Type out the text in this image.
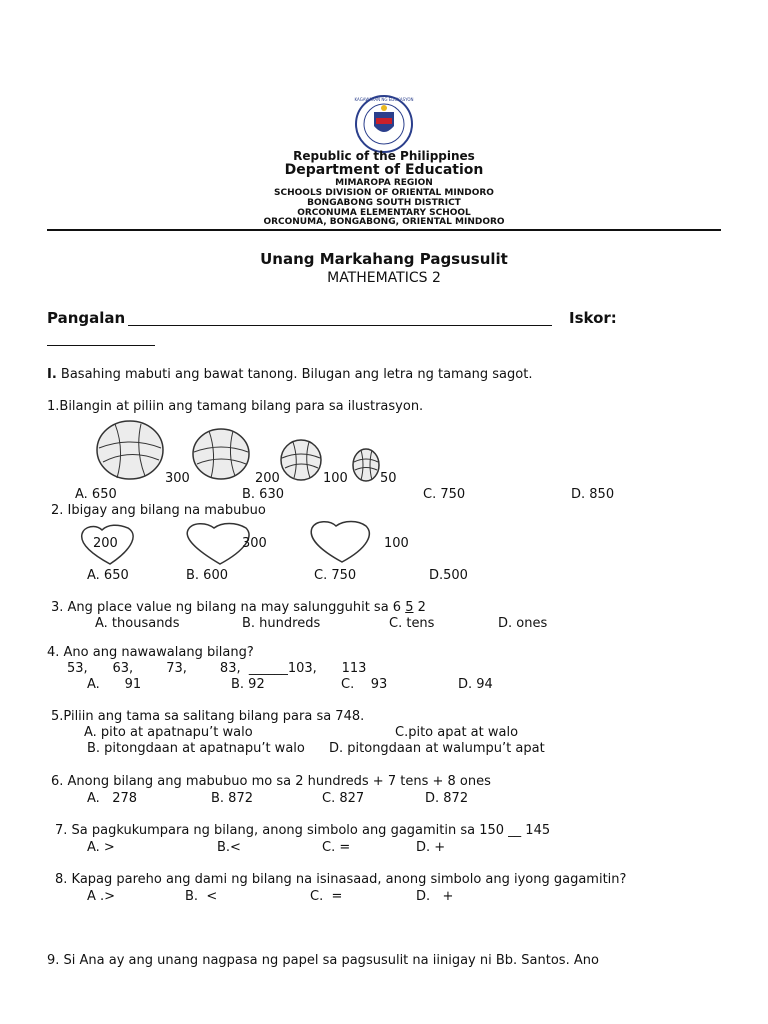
KAGAWARAN NG EDUKASYON
Republic of the Philippines
Department of Education
MIMAROPA REGION
SCHOOLS DIVISION OF ORIENTAL MINDORO
BONGABONG SOUTH DISTRICT
ORCONUMA ELEMENTARY SCHOOL
ORCONUMA, BONGABONG, ORIENTAL MINDORO
Unang Markahang Pagsusulit
MATHEMATICS 2
Pangalan	Iskor:
I. Basahing mabuti ang bawat tanong. Bilugan ang letra ng tamang sagot.
1.Bilangin at piliin ang tamang bilang para sa ilustrasyon.
300	200	100 50
A. 650	B. 630	C. 750	D. 850
2. Ibigay ang bilang na mabubuo
200	300	100
A. 650	B. 600	C. 750	D.500
3. Ang place value ng bilang na may salungguhit sa 6 5 2
A. thousands	B. hundreds	C. tens	D. ones
4. Ano ang nawawalang bilang?
53,      63,        73,        83,  ______103,      113
A.      91	B. 92	C.    93	D. 94
5.Piliin ang tama sa salitang bilang para sa 748.
A. pito at apatnapu’t walo	C.pito apat at walo
B. pitongdaan at apatnapu’t walo D. pitongdaan at walumpu’t apat
6. Anong bilang ang mabubuo mo sa 2 hundreds + 7 tens + 8 ones
A.   278	B. 872	C. 827	D. 872
7. Sa pagkukumpara ng bilang, anong simbolo ang gagamitin sa 150 __ 145
A. >	B.<	C. =	D. +
8. Kapag pareho ang dami ng bilang na isinasaad, anong simbolo ang iyong gagamitin?
A .>	B.  <	C.  =	D.   +
9. Si Ana ay ang unang nagpasa ng papel sa pagsusulit na iinigay ni Bb. Santos. Ano
